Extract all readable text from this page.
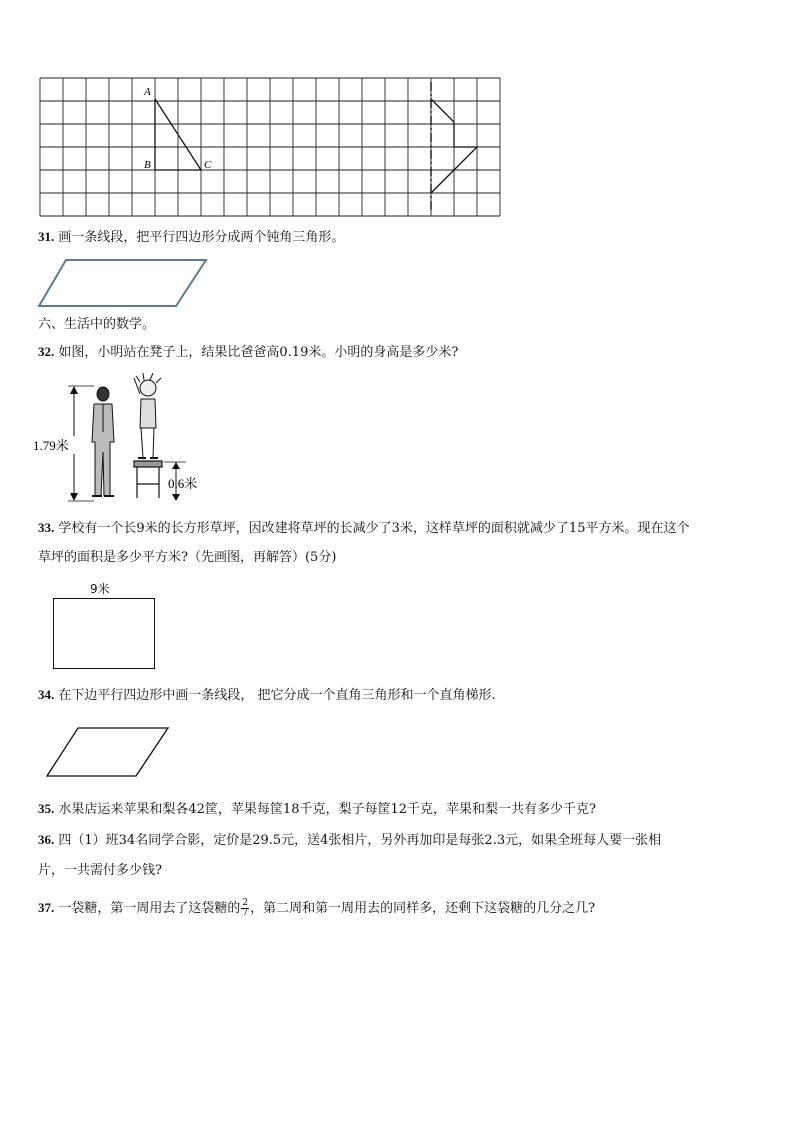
A
B	C
31. 画一条线段，把平行四边形分成两个钝角三角形。
六、生活中的数学。
32. 如图，小明站在凳子上，结果比爸爸高0.19米。小明的身高是多少米?
1.79米
0.6米
33. 学校有一个长9米的长方形草坪，因改建将草坪的长减少了3米，这样草坪的面积就减少了15平方米。现在这个
草坪的面积是多少平方米?（先画图，再解答）(5分)
9米
34. 在下边平行四边形中画一条线段， 把它分成一个直角三角形和一个直角梯形.
35. 水果店运来苹果和梨各42筐，苹果每筐18千克，梨子每筐12千克，苹果和梨一共有多少千克?
36. 四（1）班34名同学合影，定价是29.5元，送4张相片，另外再加印是每张2.3元，如果全班每人要一张相
片，一共需付多少钱?
37. 一袋糖，第一周用去了这袋糖的 $\frac{2}{7}$ ，第二周和第一周用去的同样多，还剩下这袋糖的几分之几?
